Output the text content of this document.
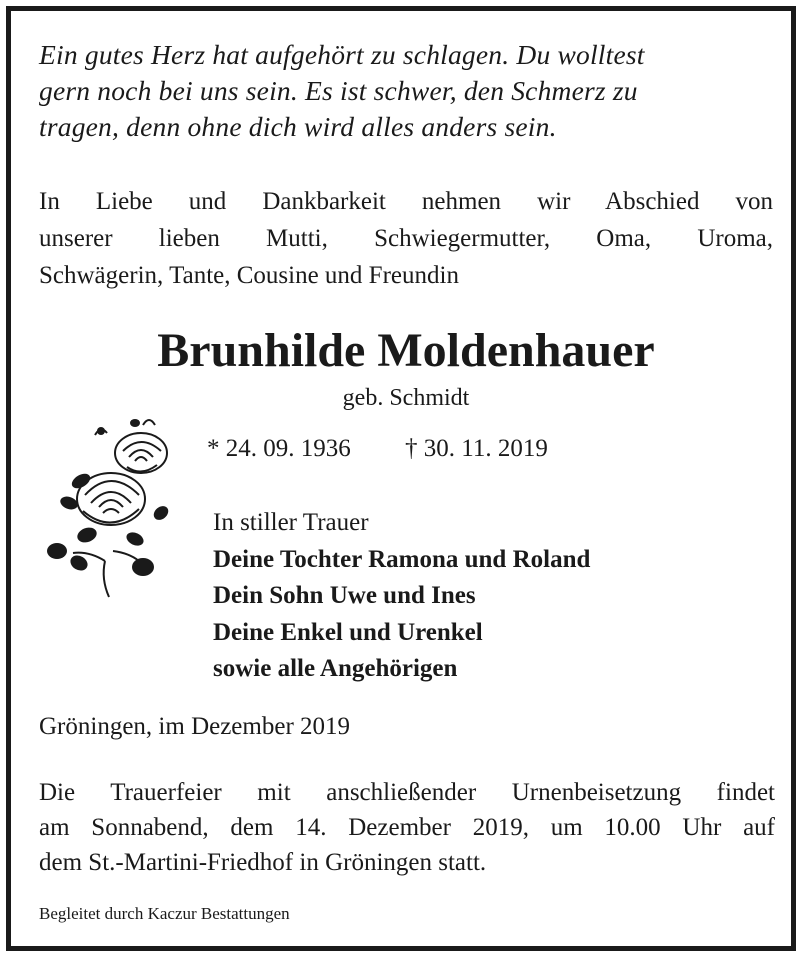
Ein gutes Herz hat aufgehört zu schlagen. Du wolltest
gern noch bei uns sein. Es ist schwer, den Schmerz zu
tragen, denn ohne dich wird alles anders sein.
In Liebe und Dankbarkeit nehmen wir Abschied von
unserer lieben Mutti, Schwiegermutter, Oma, Uroma,
Schwägerin, Tante, Cousine und Freundin
Brunhilde Moldenhauer
geb. Schmidt
* 24. 09. 1936 † 30. 11. 2019
In stiller Trauer
Deine Tochter Ramona und Roland
Dein Sohn Uwe und Ines
Deine Enkel und Urenkel
sowie alle Angehörigen
Gröningen, im Dezember 2019
Die Trauerfeier mit anschließender Urnenbeisetzung findet
am Sonnabend, dem 14. Dezember 2019, um 10.00 Uhr auf
dem St.-Martini-Friedhof in Gröningen statt.
Begleitet durch Kaczur Bestattungen
